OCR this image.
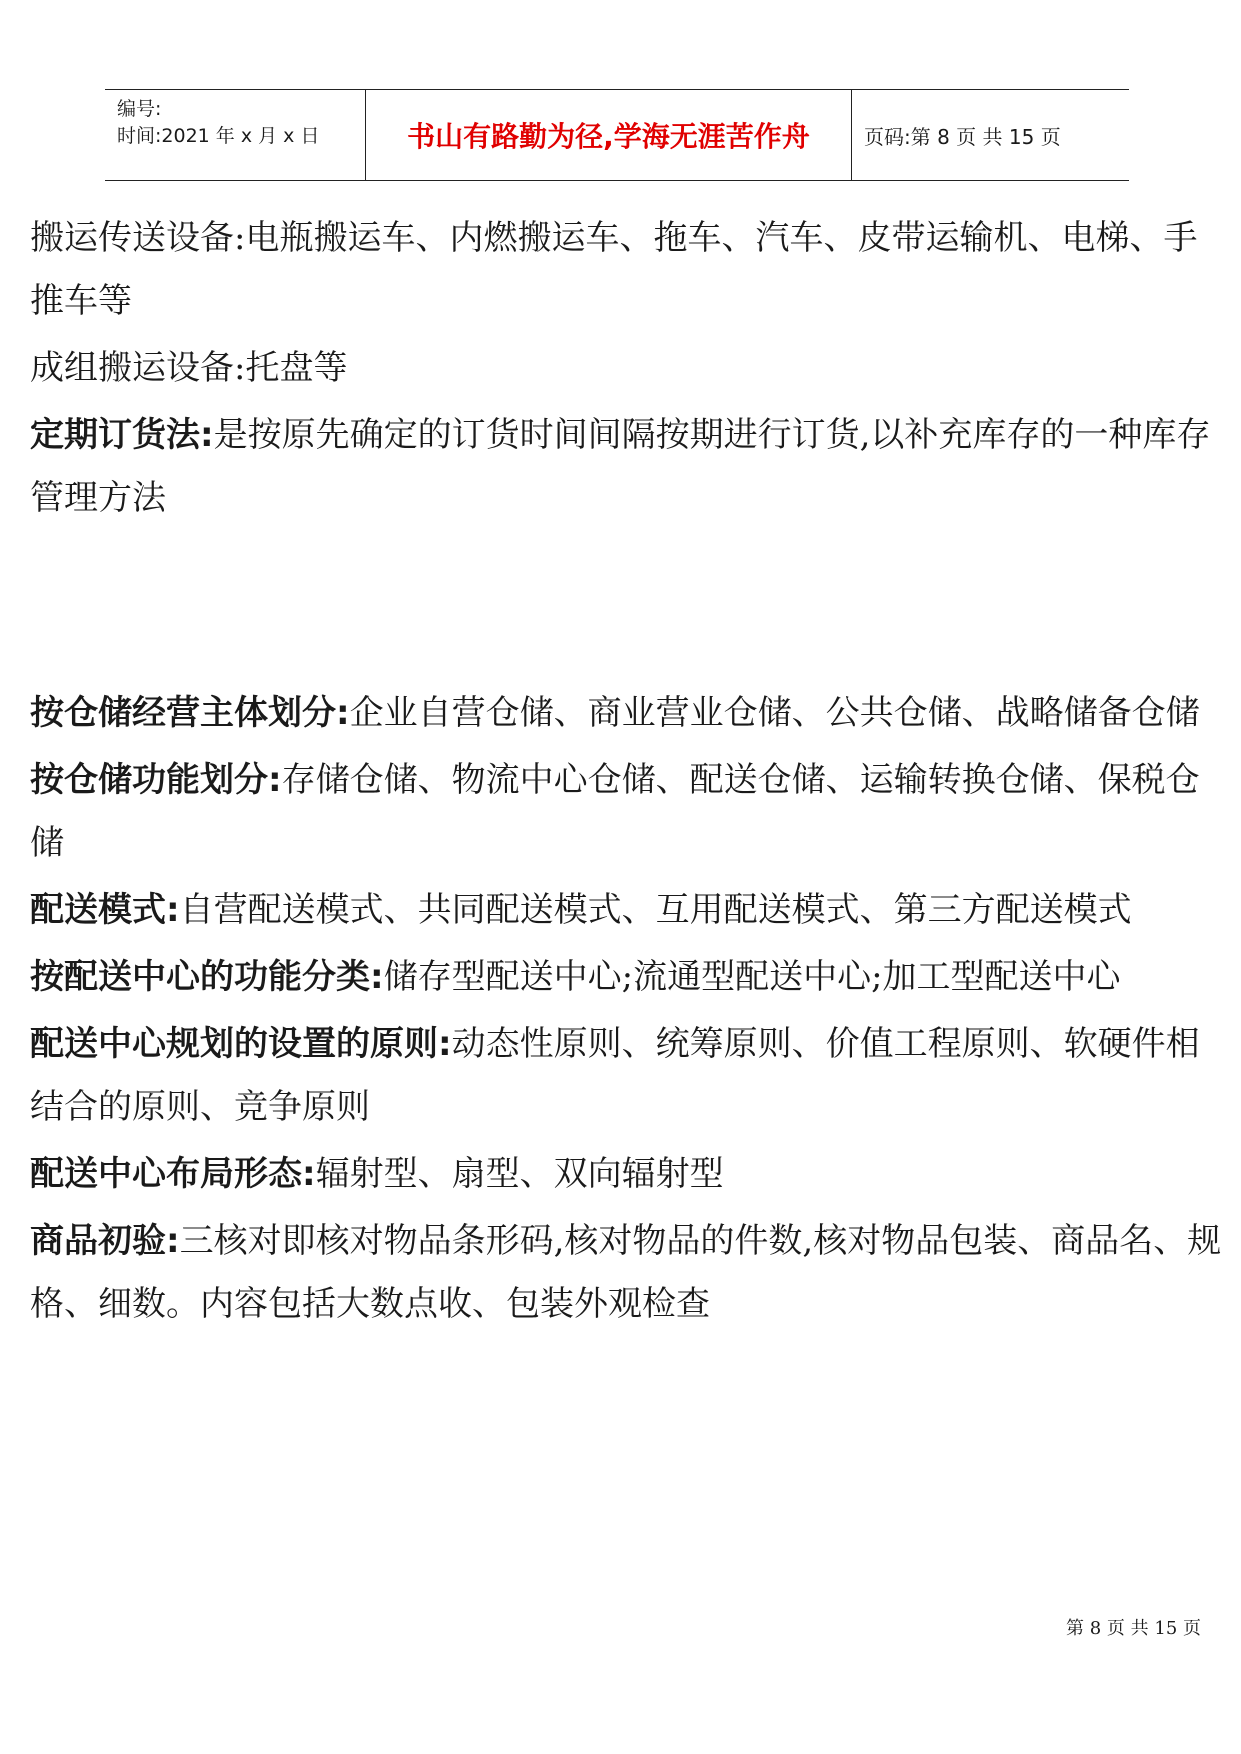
编号:
时间:2021 年 x 月 x 日	书山有路勤为径,学海无涯苦作舟	页码:第 8 页 共 15 页

搬运传送设备:电瓶搬运车、内燃搬运车、拖车、汽车、皮带运输机、电梯、手推车等

成组搬运设备:托盘等

定期订货法:是按原先确定的订货时间间隔按期进行订货,以补充库存的一种库存管理方法

按仓储经营主体划分:企业自营仓储、商业营业仓储、公共仓储、战略储备仓储

按仓储功能划分:存储仓储、物流中心仓储、配送仓储、运输转换仓储、保税仓储

配送模式:自营配送模式、共同配送模式、互用配送模式、第三方配送模式

按配送中心的功能分类:储存型配送中心;流通型配送中心;加工型配送中心

配送中心规划的设置的原则:动态性原则、统筹原则、价值工程原则、软硬件相结合的原则、竞争原则

配送中心布局形态:辐射型、扇型、双向辐射型

商品初验:三核对即核对物品条形码,核对物品的件数,核对物品包装、商品名、规格、细数。内容包括大数点收、包装外观检查

第 8 页 共 15 页
